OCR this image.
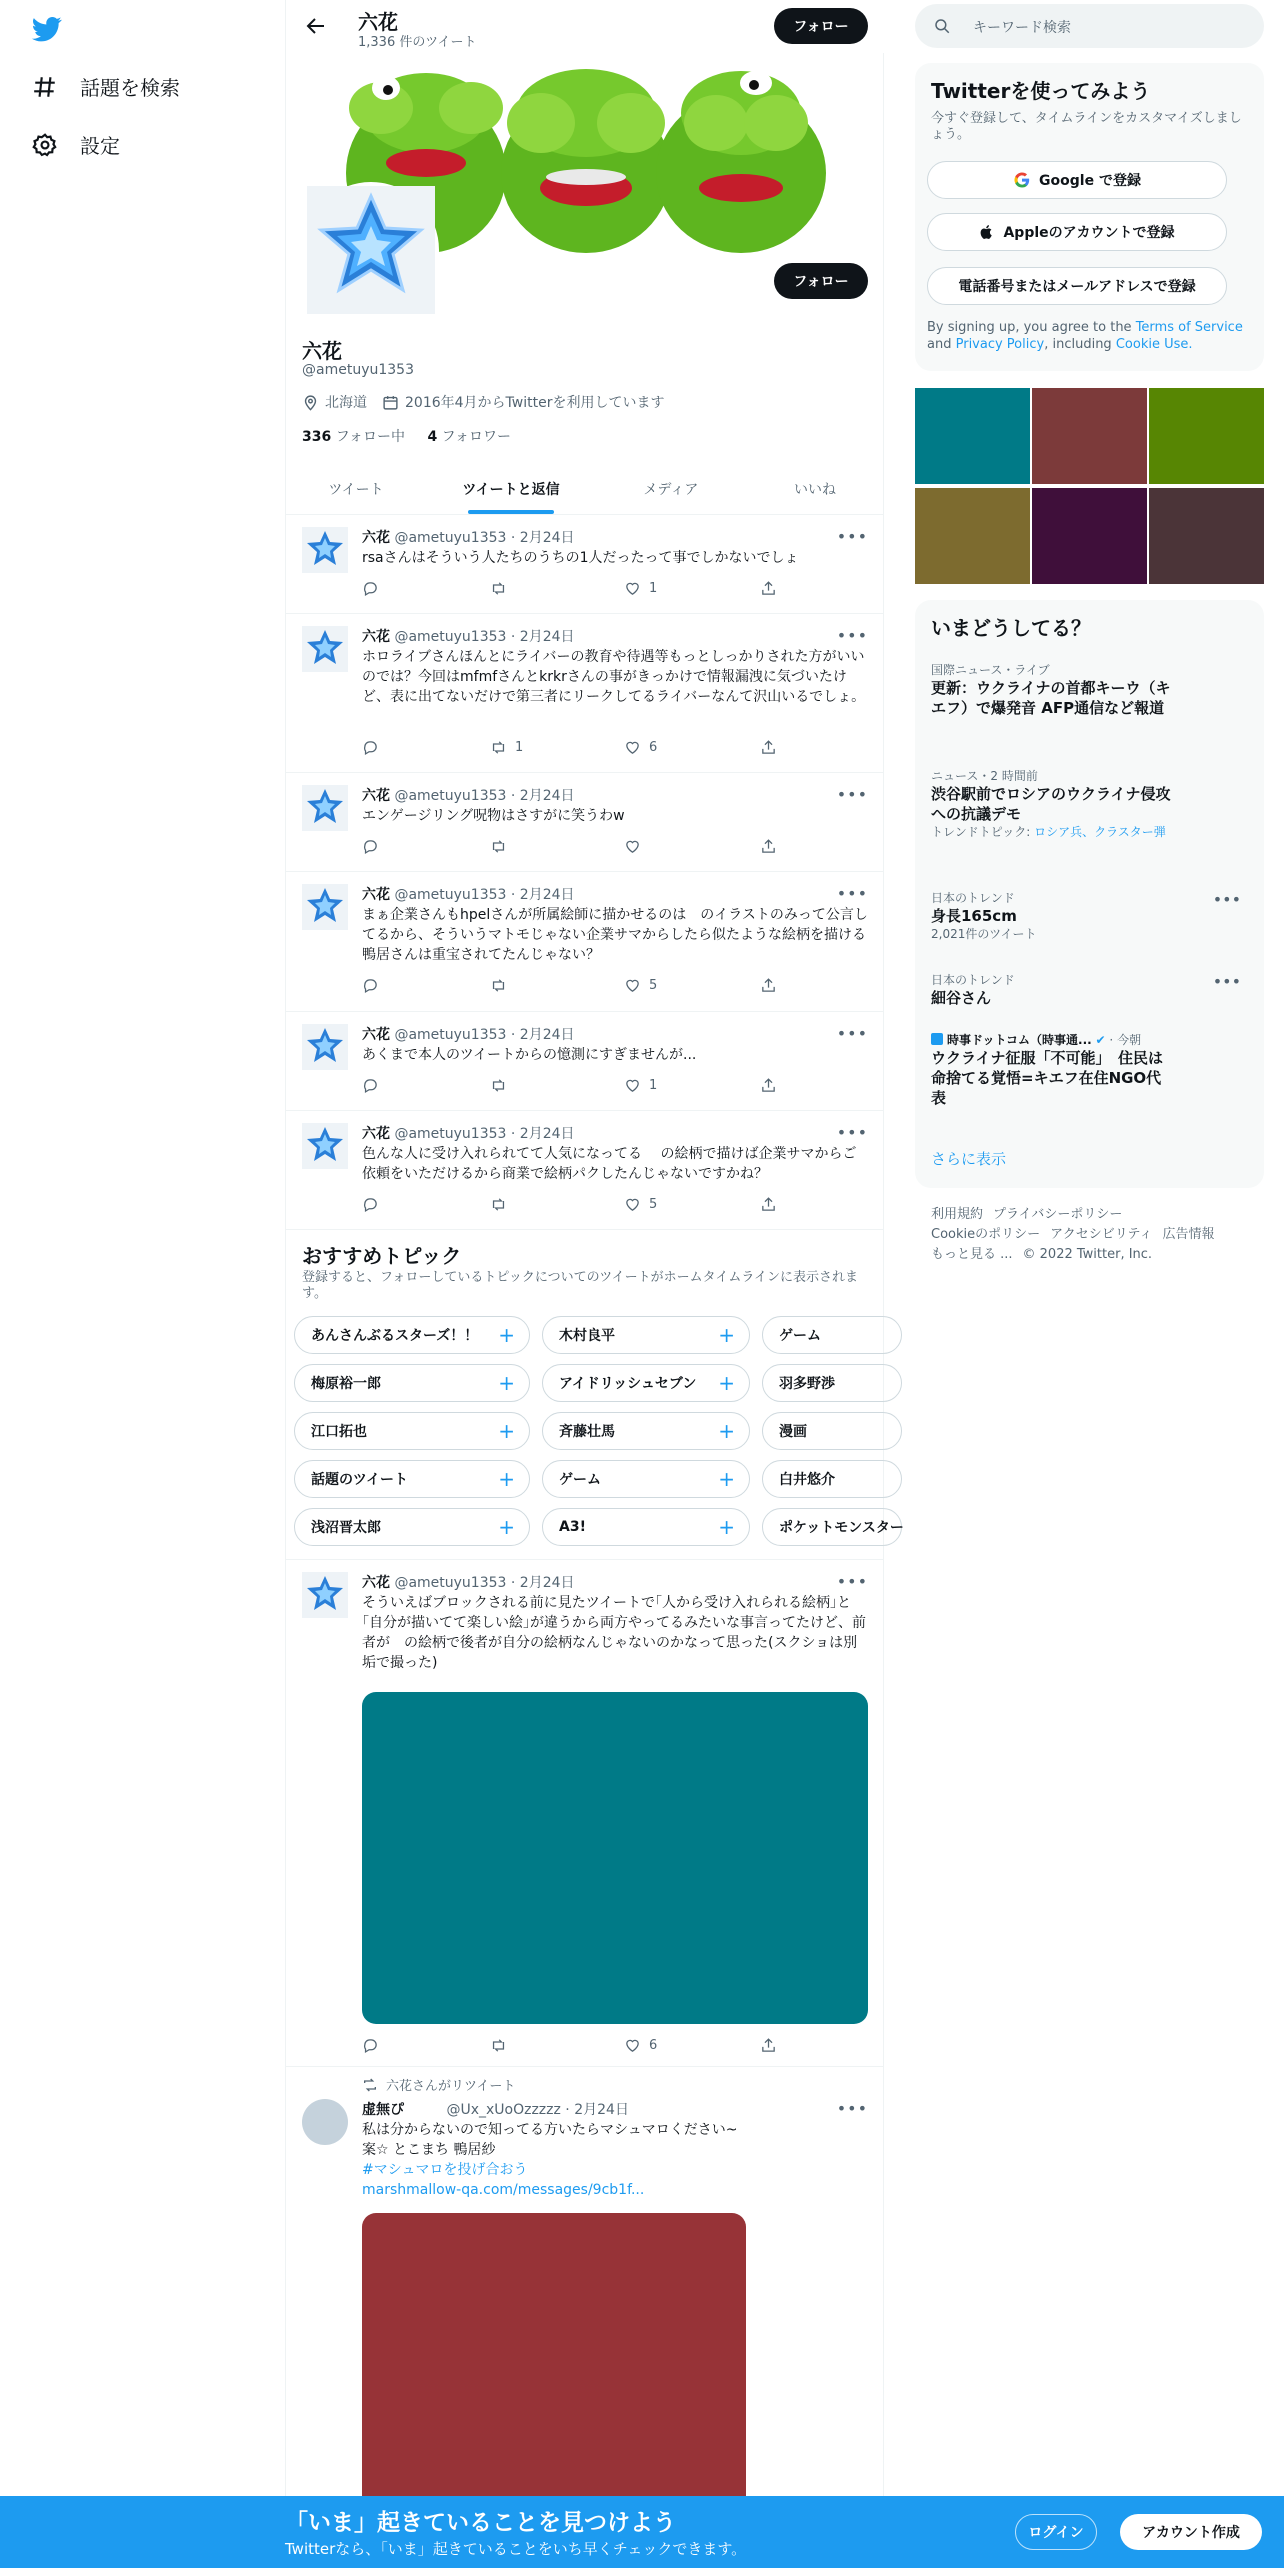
話題を検索
設定
六花
1,336 件のツイート
フォロー
フォロー
六花
@ametuyu1353
北海道	2016年4月からTwitterを利用しています
336 フォロー中 4 フォロワー
ツイート	ツイートと返信	メディア	いいね
六花 @ametuyu1353 · 2月24日	•••
rsaさんはそういう人たちのうちの1人だったって事でしかないでしょ
1
六花 @ametuyu1353 · 2月24日	•••
ホロライブさんほんとにライバーの教育や待遇等もっとしっかりされた方がいいのでは？今回はmfmfさんとkrkrさんの事がきっかけで情報漏洩に気づいたけど、表に出てないだけで第三者にリークしてるライバーなんて沢山いるでしょ。
1	6
六花 @ametuyu1353 · 2月24日	•••
エンゲージリング呪物はさすがに笑うわw
六花 @ametuyu1353 · 2月24日	•••
まぁ企業さんもhpelさんが所属絵師に描かせるのは　のイラストのみって公言してるから、そういうマトモじゃない企業サマからしたら似たような絵柄を描ける鴨居さんは重宝されてたんじゃない？
5
六花 @ametuyu1353 · 2月24日	•••
あくまで本人のツイートからの憶測にすぎませんが...
1
六花 @ametuyu1353 · 2月24日	•••
色んな人に受け入れられてて人気になってる　 の絵柄で描けば企業サマからご依頼をいただけるから商業で絵柄パクしたんじゃないですかね？
5
おすすめトピック
登録すると、フォローしているトピックについてのツイートがホームタイムラインに表示されます。
あんさんぶるスターズ！！ +	木村良平	+	ゲーム
梅原裕一郎	+	アイドリッシュセブン +	羽多野渉
江口拓也	+	斉藤壮馬	+	漫画
話題のツイート	+	ゲーム	+	白井悠介
浅沼晋太郎	+	A3!	+	ポケットモンスター
六花 @ametuyu1353 · 2月24日	•••
そういえばブロックされる前に見たツイートで｢人から受け入れられる絵柄｣と｢自分が描いてて楽しい絵｣が違うから両方やってるみたいな事言ってたけど、前者が　の絵柄で後者が自分の絵柄なんじゃないのかなって思った(スクショは別垢で撮った)
6
六花さんがリツイート
虚無ぴ	@Ux_xUoOzzzzz · 2月24日	•••
私は分からないので知ってる方いたらマシュマロください~
案☆ とこまち 鴨居紗
#マシュマロを投げ合おう
marshmallow-qa.com/messages/9cb1f...
キーワード検索
Twitterを使ってみよう
今すぐ登録して、タイムラインをカスタマイズしましょう。
Google で登録
Appleのアカウントで登録
電話番号またはメールアドレスで登録
By signing up, you agree to the Terms of Service and Privacy Policy, including Cookie Use.
いまどうしてる？
国際ニュース・ライブ
更新：ウクライナの首都キーウ（キエフ）で爆発音 AFP通信など報道
ニュース・2 時間前
渋谷駅前でロシアのウクライナ侵攻への抗議デモ
トレンドトピック: ロシア兵、クラスター弾
日本のトレンド
身長165cm
2,021件のツイート
•••
日本のトレンド
細谷さん
•••
時事ドットコム（時事通... ✔ · 今朝
ウクライナ征服「不可能」　住民は命捨てる覚悟=キエフ在住NGO代表
さらに表示
利用規約 プライバシーポリシー
Cookieのポリシー アクセシビリティ 広告情報
もっと見る ... © 2022 Twitter, Inc.
「いま」起きていることを見つけよう
Twitterなら、「いま」起きていることをいち早くチェックできます。
ログイン	アカウント作成
